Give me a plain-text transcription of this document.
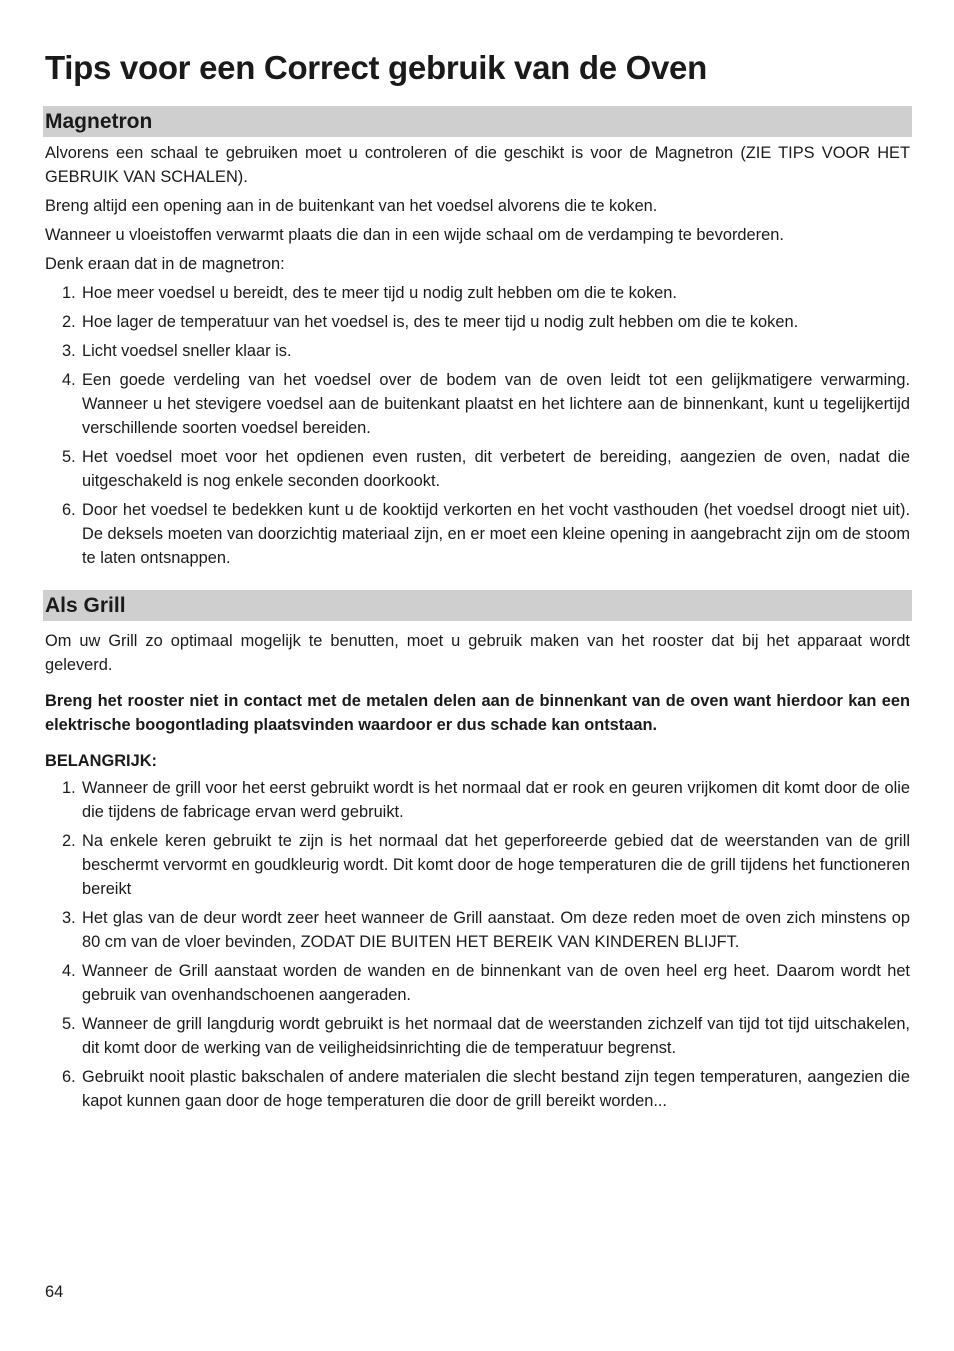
Tips voor een Correct gebruik van de Oven
Magnetron

Alvorens een schaal te gebruiken moet u controleren of die geschikt is voor de Magnetron (ZIE TIPS VOOR HET GEBRUIK VAN SCHALEN).

Breng altijd een opening aan in de buitenkant van het voedsel alvorens die te koken.

Wanneer u vloeistoffen verwarmt plaats die dan in een wijde schaal om de verdamping te bevorderen.

Denk eraan dat in de magnetron:

1. Hoe meer voedsel u bereidt, des te meer tijd u nodig zult hebben om die te koken.
2. Hoe lager de temperatuur van het voedsel is, des te meer tijd u nodig zult hebben om die te koken.
3. Licht voedsel sneller klaar is.
4. Een goede verdeling van het voedsel over de bodem van de oven leidt tot een gelijkmatigere verwarming. Wanneer u het stevigere voedsel aan de buitenkant plaatst en het lichtere aan de binnenkant, kunt u tegelijkertijd verschillende soorten voedsel bereiden.
5. Het voedsel moet voor het opdienen even rusten, dit verbetert de bereiding, aangezien de oven, nadat die uitgeschakeld is nog enkele seconden doorkookt.
6. Door het voedsel te bedekken kunt u de kooktijd verkorten en het vocht vasthouden (het voedsel droogt niet uit). De deksels moeten van doorzichtig materiaal zijn, en er moet een kleine opening in aangebracht zijn om de stoom te laten ontsnappen.
Als Grill

Om uw Grill zo optimaal mogelijk te benutten, moet u gebruik maken van het rooster dat bij het apparaat wordt geleverd.

Breng het rooster niet in contact met de metalen delen aan de binnenkant van de oven want hierdoor kan een elektrische boogontlading plaatsvinden waardoor er dus schade kan ontstaan.

BELANGRIJK:

1. Wanneer de grill voor het eerst gebruikt wordt is het normaal dat er rook en geuren vrijkomen dit komt door de olie die tijdens de fabricage ervan werd gebruikt.
2. Na enkele keren gebruikt te zijn is het normaal dat het geperforeerde gebied dat de weerstanden van de grill beschermt vervormt en goudkleurig wordt. Dit komt door de hoge temperaturen die de grill tijdens het functioneren bereikt
3. Het glas van de deur wordt zeer heet wanneer de Grill aanstaat. Om deze reden moet de oven zich minstens op 80 cm van de vloer bevinden, ZODAT DIE BUITEN HET BEREIK VAN KINDEREN BLIJFT.
4. Wanneer de Grill aanstaat worden de wanden en de binnenkant van de oven heel erg heet. Daarom wordt het gebruik van ovenhandschoenen aangeraden.
5. Wanneer de grill langdurig wordt gebruikt is het normaal dat de weerstanden zichzelf van tijd tot tijd uitschakelen, dit komt door de werking van de veiligheidsinrichting die de temperatuur begrenst.
6. Gebruikt nooit plastic bakschalen of andere materialen die slecht bestand zijn tegen temperaturen, aangezien die kapot kunnen gaan door de hoge temperaturen die door de grill bereikt worden...
64
